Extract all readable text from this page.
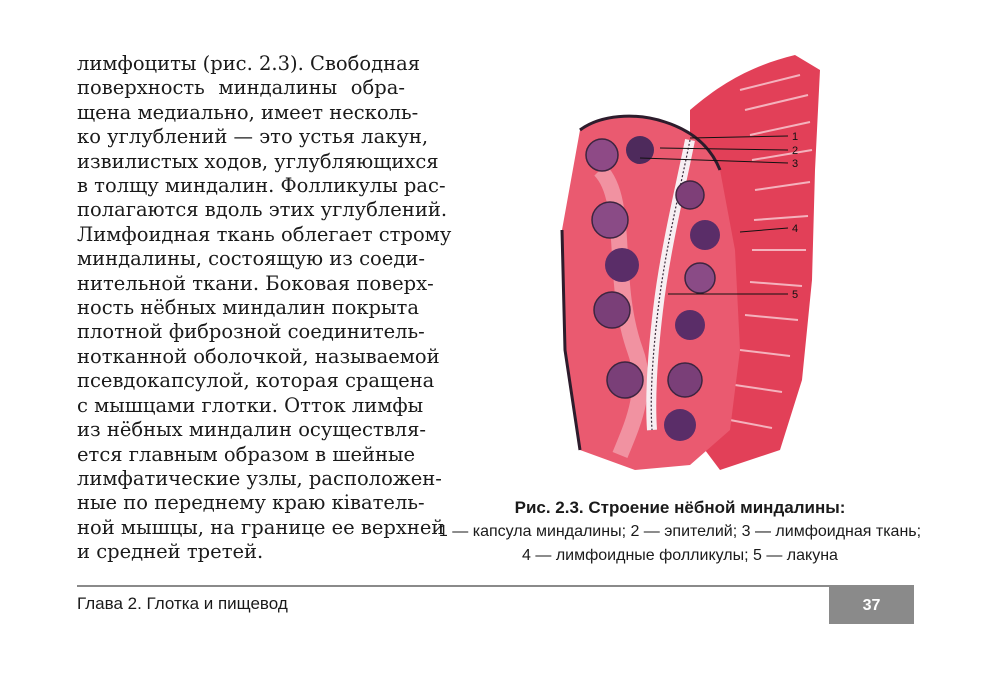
лимфоциты (рис. 2.3). Свободная
поверхность миндалины обра-
щена медиально, имеет несколь-
ко углублений — это устья лакун,
извилистых ходов, углубляющихся
в толщу миндалин. Фолликулы рас-
полагаются вдоль этих углублений.
Лимфоидная ткань облегает строму
миндалины, состоящую из соеди-
нительной ткани. Боковая поверх-
ность нёбных миндалин покрыта
плотной фиброзной соединитель-
нотканной оболочкой, называемой
псевдокапсулой, которая сращена
с мышцами глотки. Отток лимфы
из нёбных миндалин осуществля-
ется главным образом в шейные
лимфатические узлы, расположен-
ные по переднему краю ківатель-
ной мышцы, на границе ее верхней
и средней третей.
1
2
3
4
5
Рис. 2.3. Строение нёбной миндалины:
1 — капсула миндалины; 2 — эпителий; 3 — лимфоидная ткань;
4 — лимфоидные фолликулы; 5 — лакуна
Глава 2. Глотка и пищевод	37
